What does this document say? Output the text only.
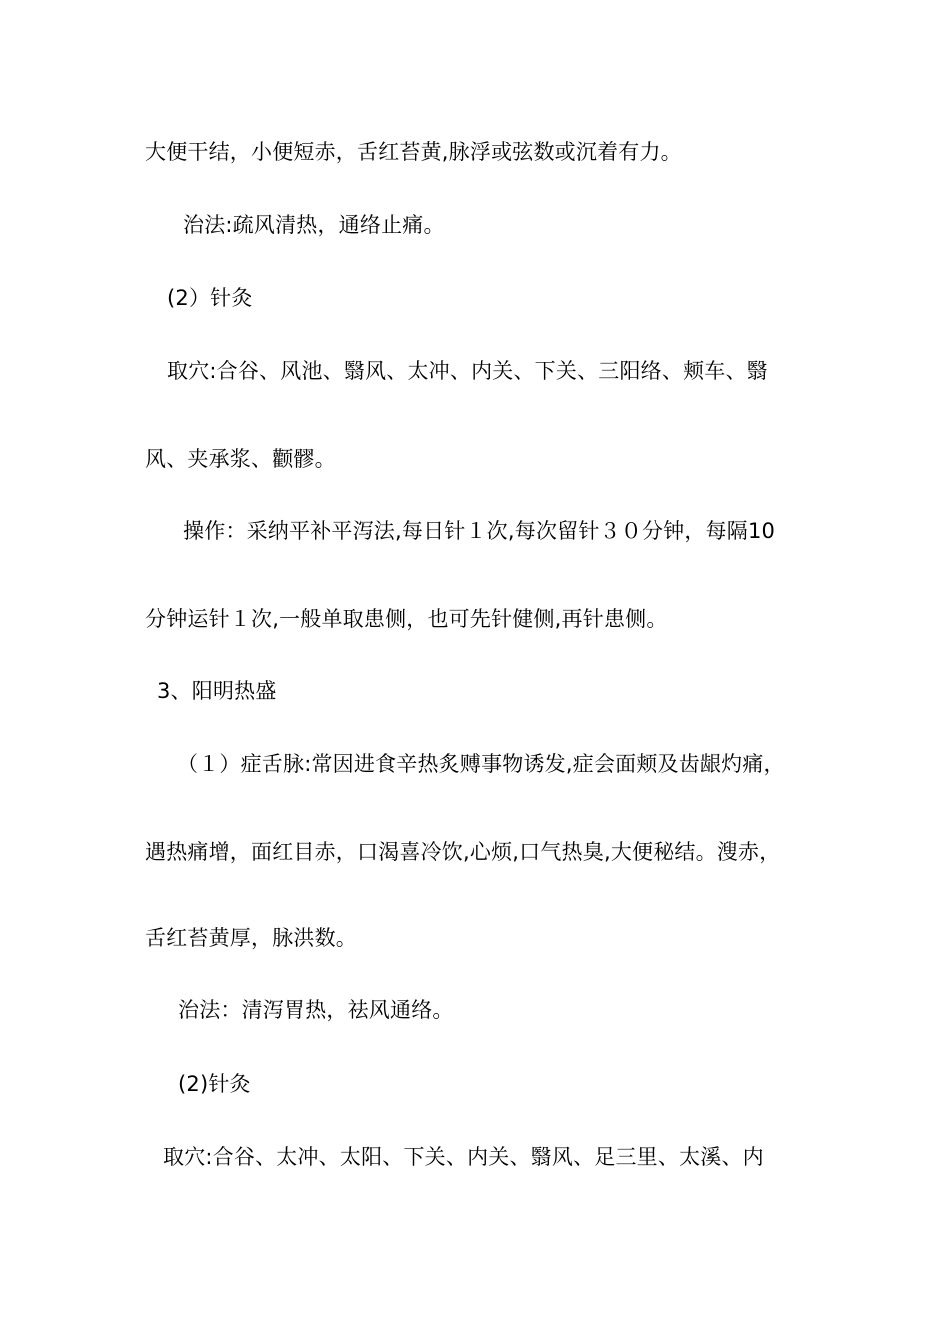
大便干结，小便短赤，舌红苔黄,脉浮或弦数或沉着有力。
治法:疏风清热，通络止痛。
(2）针灸
取穴:合谷、风池、翳风、太冲、内关、下关、三阳络、颊车、翳
风、夹承浆、颧髎。
操作：采纳平补平泻法,每日针１次,每次留针３０分钟，每隔10
分钟运针１次,一般单取患侧，也可先针健侧,再针患侧。
3、阳明热盛
（１）症舌脉:常因进食辛热炙赙事物诱发,症会面颊及齿龈灼痛，
遇热痛增，面红目赤，口渴喜冷饮,心烦,口气热臭,大便秘结。溲赤，
舌红苔黄厚，脉洪数。
治法：清泻胃热，祛风通络。
(2)针灸
取穴:合谷、太冲、太阳、下关、内关、翳风、足三里、太溪、内
